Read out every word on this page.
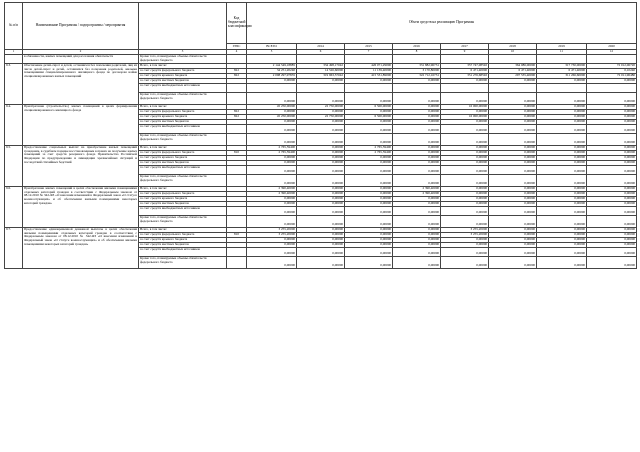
№ п/п	Наименование Программы / подпрограммы / мероприятия		Код бюджетной классификации	Объем средств на реализацию Программы							
			ГРБС	ВСЕГО	2014	2015	2016	2017	2018	2019	2020
1	2	3	4	5	6	7	8	9	10	11	12
	в обязанности, жилых помещений для расселения обязательств	Кроме того, планируемые объемы обязательств федерального бюджета									
9.3.	Обеспечение детей-сирот и детей, оставшихся без попечения родителей, лиц из числа детей-сирот и детей, оставшихся без попечения родителей, жилыми помещениями специализированного жилищного фонда по договорам найма специализированных жилых помещений	Всего, в том числе:		2 144 549,18885	334 498,17042	426 071,29000	331 882,96731	357 747,08592	364 086,00000	317 730,00000	72 012,06720
		за счет средств федерального бюджета	822	34 251,20240	14 526,60000	11 139,40000	3 170,80000	6 471,40000	6 471,40000	6 471,40000	0,10240
		за счет средств краевого бюджета	822	2 098 297,97835	319 963,57042	415 531,89000	322 712,16731	351 276,68592	297 535,40000	311 266,60000	72 011,96480
		за счет средств местных бюджетов		0,00000	0,00000	0,00000	0,00000	0,00000	0,00000	0,00000	0,00000
		за счет средств внебюджетных источников									
		Кроме того, планируемые объемы обязательств федерального бюджета		0,00000	0,00000	0,00000	0,00000	0,00000	0,00000	0,00000	0,00000
9.4.	Приобретение (строительство) жилых помещений в целях формирования специализированного жилищного фонда	Всего, в том числе:		45 250,00000	22 750,00000	6 500,00000	0,00000	16 000,00000	0,00000	0,00000	0,00000
		за счет средств федерального бюджета	822	0,00000	0,00000	0,00000	0,00000	0,00000	0,00000	0,00000	0,00000
		за счет средств краевого бюджета	822	45 250,00000	22 750,00000	6 500,00000	0,00000	16 000,00000	0,00000	0,00000	0,00000
		за счет средств местных бюджетов		0,00000	0,00000	0,00000	0,00000	0,00000	0,00000	0,00000	0,00000
		за счет средств внебюджетных источников		0,00000	0,00000	0,00000	0,00000	0,00000	0,00000	0,00000	0,00000
		Кроме того, планируемые объемы обязательств федерального бюджета		0,00000	0,00000	0,00000	0,00000	0,00000	0,00000	0,00000	0,00000
9.5.	Предоставление социальных выплат на приобретение жилых помещений гражданам, в судебном порядке восстановленным в правах на получение жилых помещений за счет средств резервного фонда Правительства Российской Федерации по предупреждению и ликвидации чрезвычайных ситуаций и последствий стихийных бедствий	Всего, в том числе:		2 765,59400	0,00000	2 765,59400	0,00000	0,00000	0,00000	0,00000	0,00000
		за счет средств федерального бюджета	810	2 765,59400	0,00000	2 765,59400	0,00000	0,00000	0,00000	0,00000	0,00000
		за счет средств краевого бюджета		0,00000	0,00000	0,00000	0,00000	0,00000	0,00000	0,00000	0,00000
		за счет средств местных бюджетов		0,00000	0,00000	0,00000	0,00000	0,00000	0,00000	0,00000	0,00000
		за счет средств внебюджетных источников		0,00000	0,00000	0,00000	0,00000	0,00000	0,00000	0,00000	0,00000
		Кроме того, планируемые объемы обязательств федерального бюджета		0,00000	0,00000	0,00000	0,00000	0,00000	0,00000	0,00000	0,00000
9.6.	Приобретение жилых помещений в целях обеспечения жилыми помещениями отдельных категорий граждан в соответствии с Федеральным законом от 08.12.2010 № 342-ФЗ «О внесении изменений в Федеральный закон «О статусе военнослужащих» и об обеспечении жилыми помещениями некоторых категорий граждан»	Всего, в том числе:		2 390,40000	0,00000	0,00000	2 390,40000	0,00000	0,00000	0,00000	0,00000
		за счет средств федерального бюджета		2 390,40000	0,00000	0,00000	2 390,40000	0,00000	0,00000	0,00000	0,00000
		за счет средств краевого бюджета		0,00000	0,00000	0,00000	0,00000	0,00000	0,00000	0,00000	0,00000
		за счет средств местных бюджетов		0,00000	0,00000	0,00000	0,00000	0,00000	0,00000	0,00000	0,00000
		за счет средств внебюджетных источников		0,00000	0,00000	0,00000	0,00000	0,00000	0,00000	0,00000	0,00000
		Кроме того, планируемые объемы обязательств федерального бюджета		0,00000	0,00000	0,00000	0,00000	0,00000	0,00000	0,00000	0,00000
9.7.	Предоставление единовременной денежной выплаты в целях обеспечения жилыми помещениями отдельных категорий граждан в соответствии с Федеральным законом от 08.12.2010 № 342-ФЗ «О внесении изменений в Федеральный закон «О статусе военнослужащих» и об обеспечении жилыми помещениями некоторых категорий граждан»	Всего, в том числе:		3 255,20000	0,00000	0,00000	0,00000	3 255,20000	0,00000	0,00000	0,00000
		за счет средств федерального бюджета	810	3 255,20000	0,00000	0,00000	0,00000	3 255,20000	0,00000	0,00000	0,00000
		за счет средств краевого бюджета		0,00000	0,00000	0,00000	0,00000	0,00000	0,00000	0,00000	0,00000
		за счет средств местных бюджетов		0,00000	0,00000	0,00000	0,00000	0,00000	0,00000	0,00000	0,00000
		за счет средств внебюджетных источников		0,00000	0,00000	0,00000	0,00000	0,00000	0,00000	0,00000	0,00000
		Кроме того, планируемые объемы обязательств федерального бюджета		0,00000	0,00000	0,00000	0,00000	0,00000	0,00000	0,00000	0,00000
